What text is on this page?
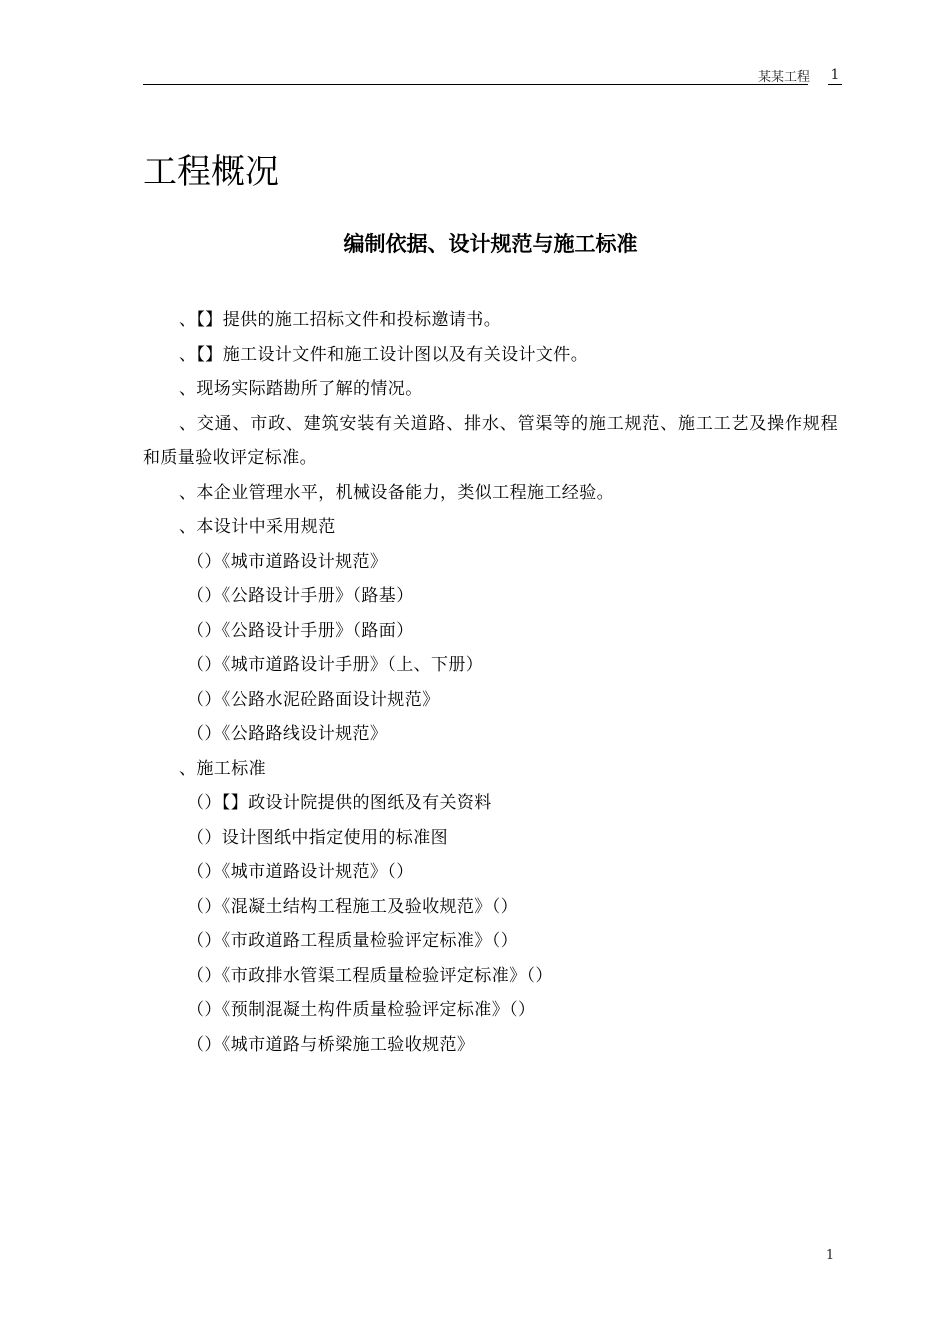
某某工程 1
工程概况
编制依据、设计规范与施工标准

、【】提供的施工招标文件和投标邀请书。

、【】施工设计文件和施工设计图以及有关设计文件。

、现场实际踏勘所了解的情况。

、交通、市政、建筑安装有关道路、排水、管渠等的施工规范、施工工艺及操作规程和质量验收评定标准。

、本企业管理水平，机械设备能力，类似工程施工经验。

、本设计中采用规范

（）《城市道路设计规范》

（）《公路设计手册》（路基）

（）《公路设计手册》（路面）

（）《城市道路设计手册》（上、下册）

（）《公路水泥砼路面设计规范》

（）《公路路线设计规范》

、施工标准

（）【】政设计院提供的图纸及有关资料

（）设计图纸中指定使用的标准图

（）《城市道路设计规范》（）

（）《混凝土结构工程施工及验收规范》（）

（）《市政道路工程质量检验评定标准》（）

（）《市政排水管渠工程质量检验评定标准》（）

（）《预制混凝土构件质量检验评定标准》（）

（）《城市道路与桥梁施工验收规范》

1
